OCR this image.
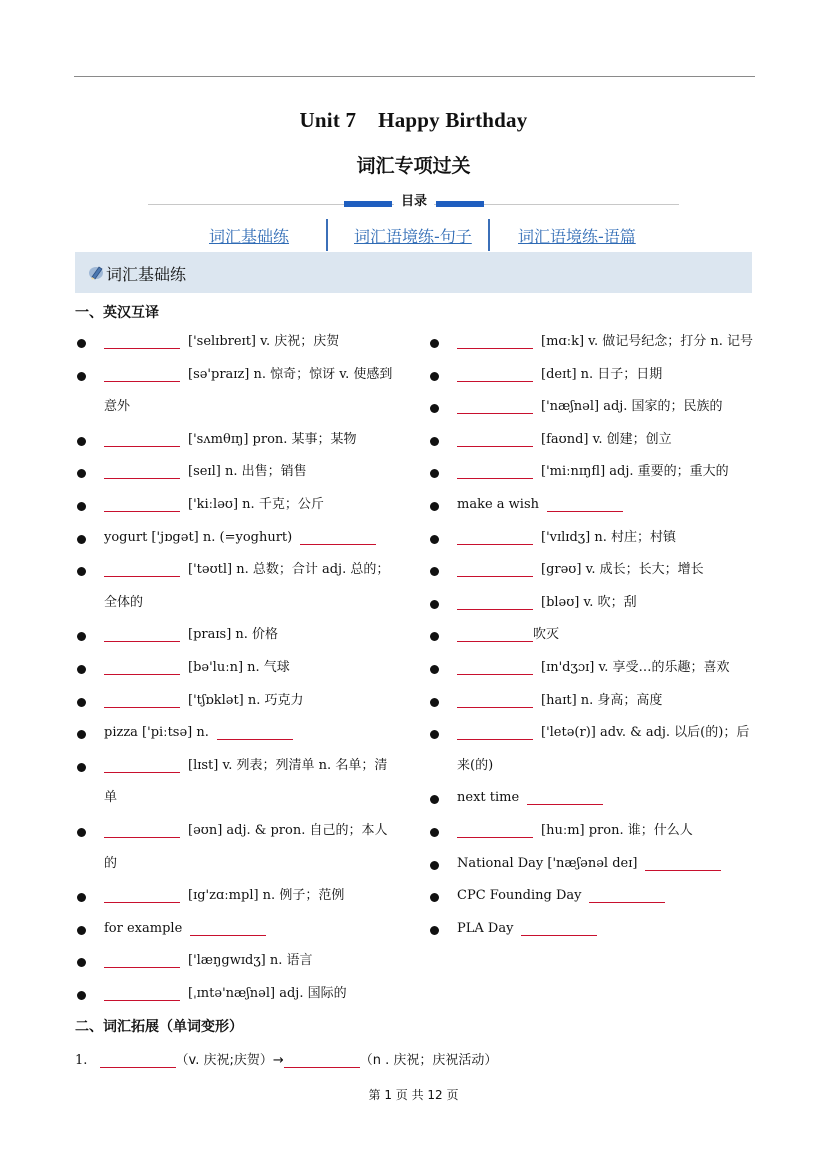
Unit 7 Happy Birthday
词汇专项过关
目录
词汇基础练	词汇语境练-句子	词汇语境练-语篇
词汇基础练
一、英汉互译
['selɪbreɪt] v. 庆祝；庆贺
[sə'praɪz] n. 惊奇；惊讶 v. 使感到意外
['sʌmθɪŋ] pron. 某事；某物
[seɪl] n. 出售；销售
['kiːləʊ] n. 千克；公斤
yogurt ['jɒgət] n. (=yoghurt)
['təʊtl] n. 总数；合计 adj. 总的；全体的
[praɪs] n. 价格
[bə'luːn] n. 气球
['tʃɒklət] n. 巧克力
pizza ['piːtsə] n.
[lɪst] v. 列表；列清单 n. 名单；清单
[əʊn] adj. & pron. 自己的；本人的
[ɪg'zɑːmpl] n. 例子；范例
for example
['læŋgwɪdʒ] n. 语言
[ˌɪntə'næʃnəl] adj. 国际的
[mɑːk] v. 做记号纪念；打分 n. 记号
[deɪt] n. 日子；日期
['næʃnəl] adj. 国家的；民族的
[faʊnd] v. 创建；创立
['miːnɪŋfl] adj. 重要的；重大的
make a wish
['vɪlɪdʒ] n. 村庄；村镇
[grəʊ] v. 成长；长大；增长
[bləʊ] v. 吹；刮
吹灭
[ɪn'dʒɔɪ] v. 享受…的乐趣；喜欢
[haɪt] n. 身高；高度
['letə(r)] adv. & adj. 以后(的)；后来(的)
next time
[huːm] pron. 谁；什么人
National Day ['næʃənəl deɪ]
CPC Founding Day
PLA Day
二、词汇拓展（单词变形）
1.	（v. 庆祝;庆贺）→	（n . 庆祝；庆祝活动）
第 1 页 共 12 页
